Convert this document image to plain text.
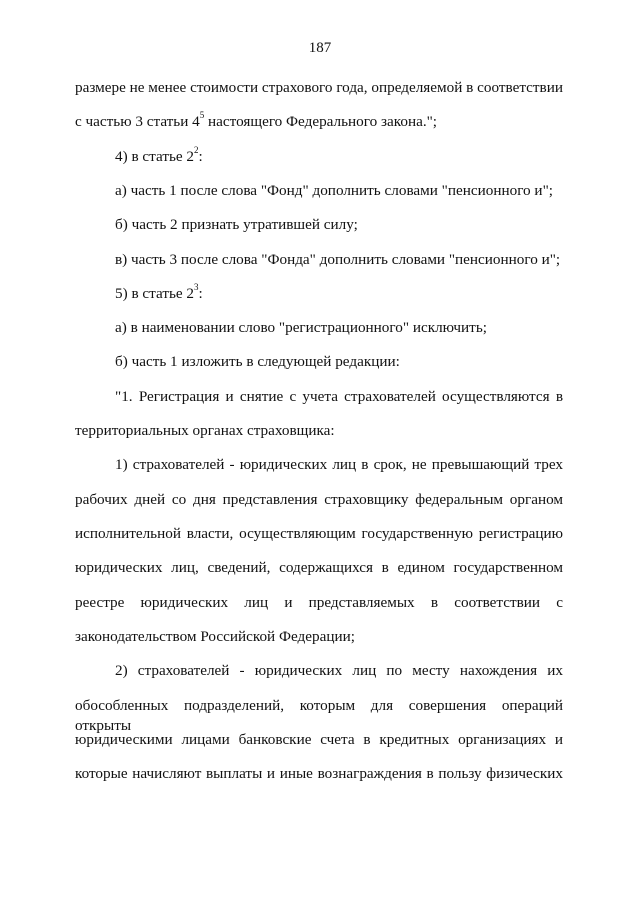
187
размере не менее стоимости страхового года, определяемой в соответствии
с частью 3 статьи $4^5$ настоящего Федерального закона.";
4) в статье $2^2$:
а) часть 1 после слова "Фонд" дополнить словами "пенсионного и";
б) часть 2 признать утратившей силу;
в) часть 3 после слова "Фонда" дополнить словами "пенсионного и";
5) в статье $2^3$:
а) в наименовании слово "регистрационного" исключить;
б) часть 1 изложить в следующей редакции:
"1. Регистрация и снятие с учета страхователей осуществляются в
территориальных органах страховщика:
1) страхователей - юридических лиц в срок, не превышающий трех
рабочих дней со дня представления страховщику федеральным органом
исполнительной власти, осуществляющим государственную регистрацию
юридических лиц, сведений, содержащихся в едином государственном
реестре юридических лиц и представляемых в соответствии с
законодательством Российской Федерации;
2) страхователей - юридических лиц по месту нахождения их
обособленных подразделений, которым для совершения операций открыты
юридическими лицами банковские счета в кредитных организациях и
которые начисляют выплаты и иные вознаграждения в пользу физических
